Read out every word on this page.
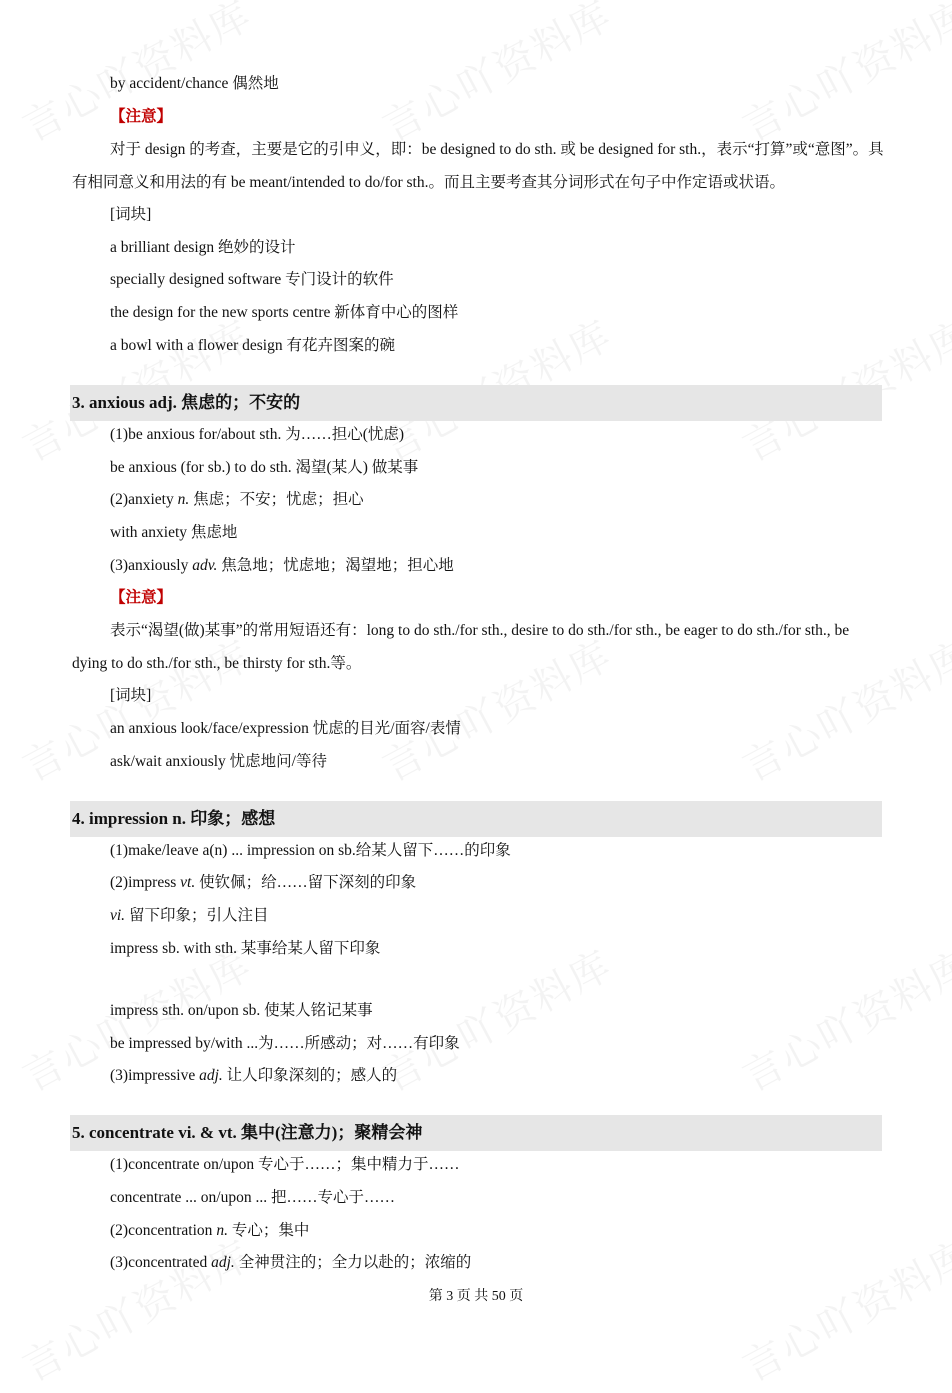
by accident/chance 偶然地
【注意】
对于 design 的考查，主要是它的引申义，即：be designed to do sth. 或 be designed for sth.，表示“打算”或“意图”。具有相同意义和用法的有 be meant/intended to do/for sth.。而且主要考查其分词形式在句子中作定语或状语。
[词块]
a brilliant design 绝妙的设计
specially designed software 专门设计的软件
the design for the new sports centre 新体育中心的图样
a bowl with a flower design 有花卉图案的碗
3. anxious adj. 焦虑的；不安的
(1)be anxious for/about sth. 为……担心(忧虑)
be anxious (for sb.) to do sth. 渴望(某人) 做某事
(2)anxiety n. 焦虑；不安；忧虑；担心
with anxiety 焦虑地
(3)anxiously adv. 焦急地；忧虑地；渴望地；担心地
【注意】
表示“渴望(做)某事”的常用短语还有：long to do sth./for sth., desire to do sth./for sth., be eager to do sth./for sth., be dying to do sth./for sth., be thirsty for sth.等。
[词块]
an anxious look/face/expression 忧虑的目光/面容/表情
ask/wait anxiously 忧虑地问/等待
4. impression n. 印象；感想
(1)make/leave a(n) ... impression on sb.给某人留下……的印象
(2)impress vt. 使钦佩；给……留下深刻的印象
vi. 留下印象；引人注目
impress sb. with sth. 某事给某人留下印象
impress sth. on/upon sb. 使某人铭记某事
be impressed by/with ...为……所感动；对……有印象
(3)impressive adj. 让人印象深刻的；感人的
5. concentrate vi. & vt. 集中(注意力)；聚精会神
(1)concentrate on/upon 专心于……；集中精力于……
concentrate ... on/upon ... 把……专心于……
(2)concentration n. 专心；集中
(3)concentrated adj. 全神贯注的；全力以赴的；浓缩的
第 3 页 共 50 页
